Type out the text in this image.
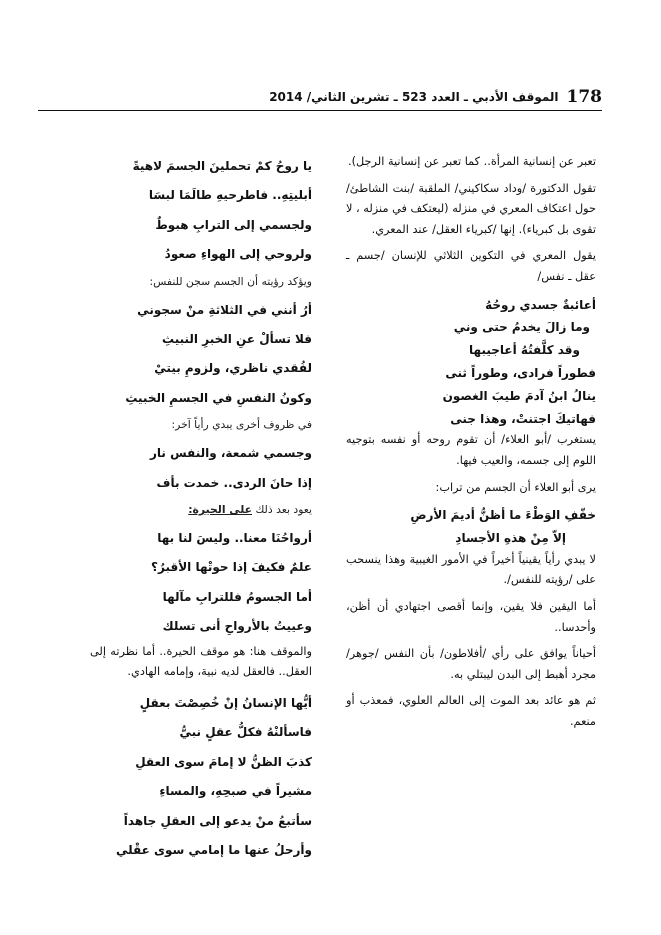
178
الموقف الأدبي ـ العدد 523 ـ تشرين الثاني/ 2014

تعبر عن إنسانية المرأة.. كما تعبر عن إنسانية الرجل).

تقول الدكتورة /وداد سكاكيني/ الملقبة /بنت الشاطئ/ حول اعتكاف المعري في منزله (ليعتكف في منزله ، لا تقوى بل كبرياء). إنها /كبرياء العقل/ عند المعري.

يقول المعري في التكوين الثلاثي للإنسان /جسم ـ عقل ـ نفس/

أعائبةٌ جسدي روحُهُ

وما زالَ يخدمُ حتى وني

وقد كلَّفتُهُ أعاجيبها

فطوراً فرادى، وطوراً ثنى

ينالُ ابنُ آدمَ طيبَ الغصون

فهاتيكَ اجتنتْ، وهذا جنى

يستغرب /أبو العلاء/ أن تقوم روحه أو نفسه بتوجيه اللوم إلى جسمه، والعيب فيها.

يرى أبو العلاء أن الجسم من تراب:

خفّفِ الوَطْءَ ما أظنُّ أديمَ الأرضِ

إلاّ مِنْ هذهِ الأجسادِ

لا يبدي رأياً يقينياً أخيراً في الأمور الغيبية وهذا ينسحب على /رؤيته للنفس/.

أما اليقين فلا يقين، وإنما أقصى اجتهادي أن أظن، وأحدسا..

أحياناً يوافق على رأي /أفلاطون/ بأن النفس /جوهر/ مجرد أهبط إلى البدن ليبتلي به.

ثم هو عائد بعد الموت إلى العالم العلوي، فمعذب أو منعم.

يا روحُ كمْ تحملينَ الجسمَ لاهيةً

أبليتِهِ.. فاطرحيهِ طالَمَا لبسَا

ولجسمي إلى الترابِ هبوطٌ

ولروحي إلى الهواءِ صعودُ

ويؤكد رؤيته أن الجسم سجن للنفس:

أرُ أنني في الثلاثةِ منْ سجوني

فلا تسألْ عنِ الخبرِ النبيثِ

لفُقدي ناظري، ولزومِ بيتيْ

وكونُ النفسِ في الجسمِ الخبيثِ

في ظروف أخرى يبدي رأياً آخر:

وجسمي شمعة، والنفس نار

إذا حانَ الردى.. خمدت بأف

يعود بعد ذلك على الحيرة:

أرواحُنَا معنا.. وليسَ لنا بها

علمٌ فكيفَ إذا حوتْها الأقبرُ؟

أما الجسومُ فللترابِ مآلها

وعييتُ بالأرواحِ أنى تسلك

والموقف هنا: هو موقف الحيرة.. أما نظرته إلى العقل.. فالعقل لديه نبية، وإمامه الهادي.

أيُّها الإنسانُ إنْ خُصِصْتَ بعقلٍ

فاسألنْهُ فكلُّ عقلٍ نبيُّ

كذبَ الظنُّ لا إمامَ سوى العقلِ

مشيراً في صبحِهِ، والمساءِ

سأتبعُ منْ يدعو إلى العقلِ جاهداً

وأرحلُ عنها ما إمامي سوى عقْلي
